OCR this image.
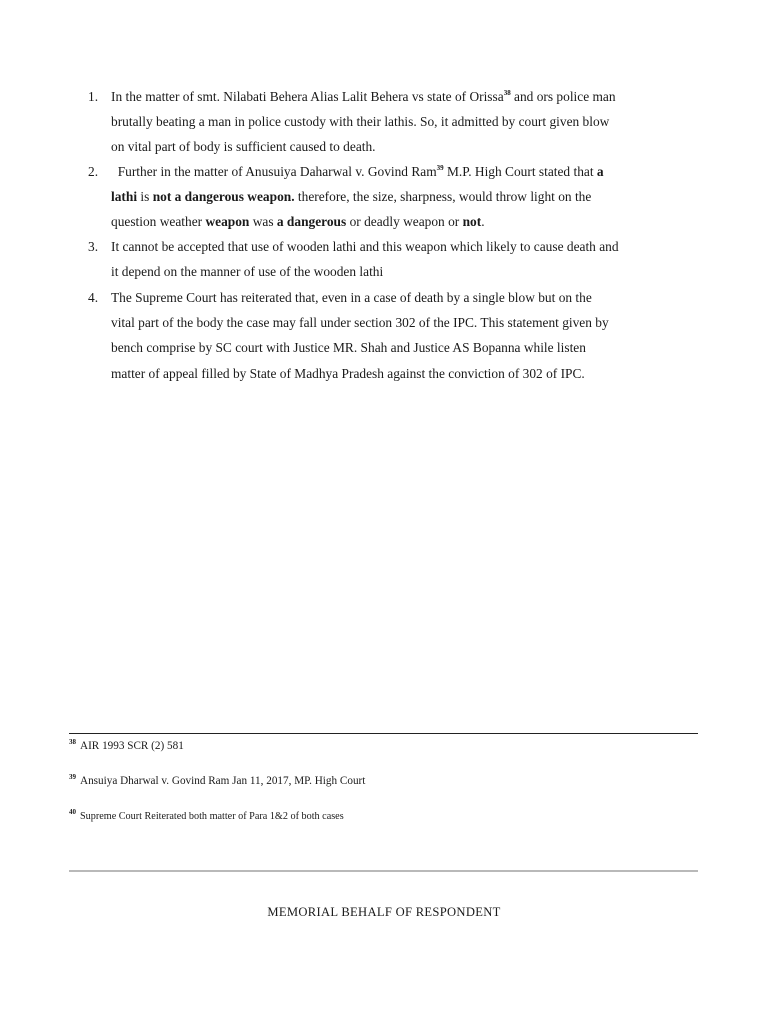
1. In the matter of smt. Nilabati Behera Alias Lalit Behera vs state of Orissa$^{38}$ and ors police man
brutally beating a man in police custody with their lathis. So, it admitted by court given blow
on vital part of body is sufficient caused to death.
2. Further in the matter of Anusuiya Daharwal v. Govind Ram$^{39}$ M.P. High Court stated that a
lathi is not a dangerous weapon. therefore, the size, sharpness, would throw light on the
question weather weapon was a dangerous or deadly weapon or not.
3. It cannot be accepted that use of wooden lathi and this weapon which likely to cause death and
it depend on the manner of use of the wooden lathi
4. The Supreme Court has reiterated that, even in a case of death by a single blow but on the
vital part of the body the case may fall under section 302 of the IPC. This statement given by
bench comprise by SC court with Justice MR. Shah and Justice AS Bopanna while listen
matter of appeal filled by State of Madhya Pradesh against the conviction of 302 of IPC.
$^{38}$ AIR 1993 SCR (2) 581
$^{39}$ Ansuiya Dharwal v. Govind Ram Jan 11, 2017, MP. High Court
$^{40}$ Supreme Court Reiterated both matter of Para 1&2 of both cases
MEMORIAL BEHALF OF RESPONDENT
